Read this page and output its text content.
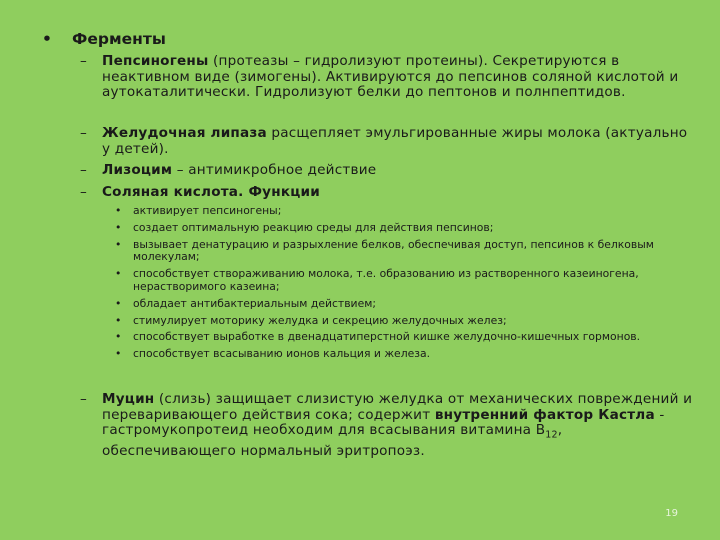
• Ферменты
–	Пепсиногены (протеазы – гидролизуют протеины). Секретируются в неактивном виде (зимогены). Активируются до пепсинов соляной кислотой и аутокаталитически. Гидролизуют белки до пептонов и полнпептидов.
–	Желудочная липаза расщепляет эмульгированные жиры молока (актуально у детей).
–	Лизоцим – антимикробное действие
–	Соляная кислота. Функции
• активирует пепсиногены;
• создает оптимальную реакцию среды для действия пепсинов;
• вызывает денатурацию и разрыхление белков, обеспечивая доступ, пепсинов к белковым молекулам;
• способствует створаживанию молока, т.е. образованию из растворенного казеиногена, нерастворимого казеина;
• обладает антибактериальным действием;
• стимулирует моторику желудка и секрецию желудочных желез;
• способствует выработке в двенадцатиперстной кишке желудочно-кишечных гормонов.
• способствует всасыванию ионов кальция и железа.
–	Муцин (слизь) защищает слизистую желудка от механических повреждений и переваривающего действия сока; содержит внутренний фактор Кастла - гастромукопротеид необходим для всасывания витамина $B_{12}$, обеспечивающего нормальный эритропоэз.
19
